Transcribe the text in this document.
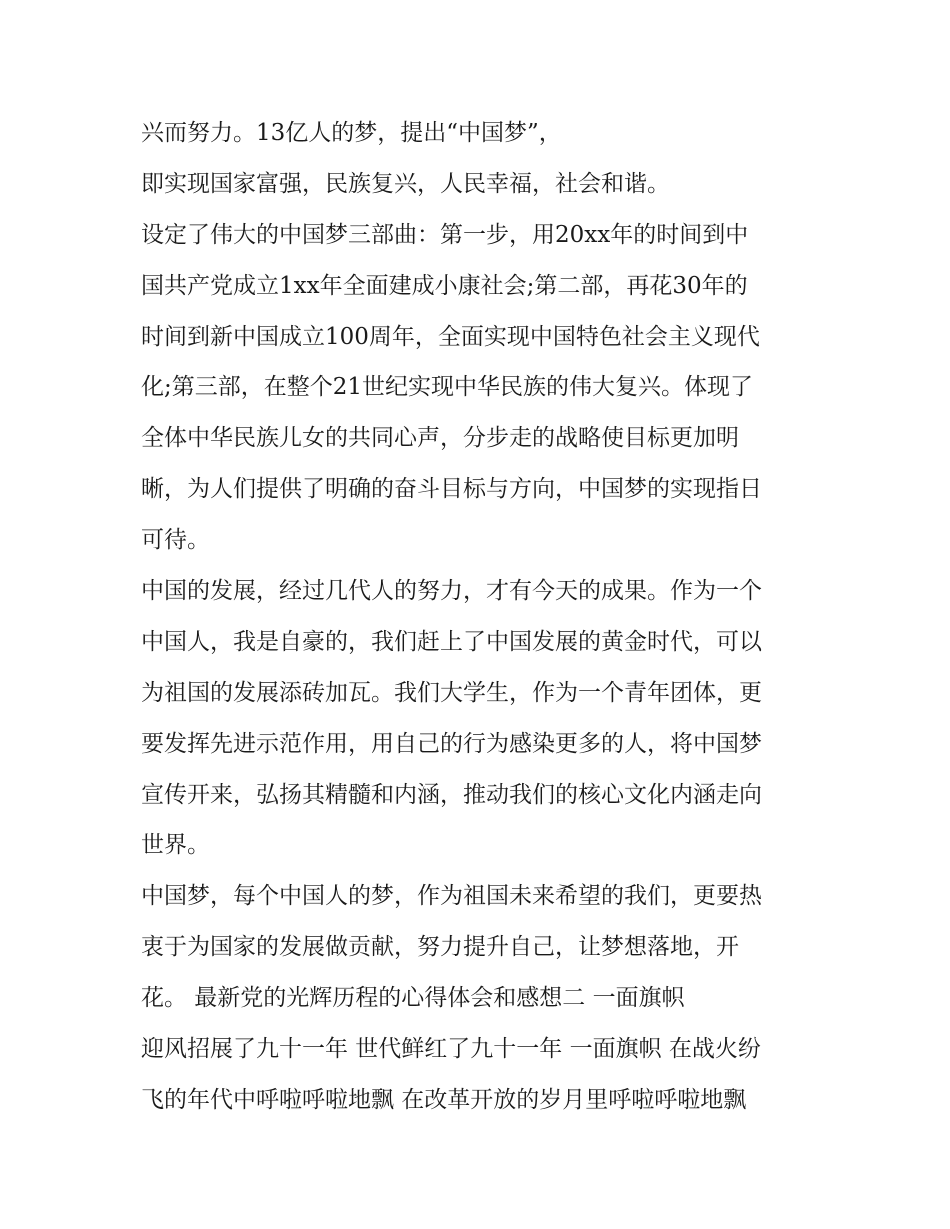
兴而努力。13亿人的梦，提出“中国梦”，
即实现国家富强，民族复兴，人民幸福，社会和谐。
设定了伟大的中国梦三部曲：第一步，用20xx年的时间到中
国共产党成立1xx年全面建成小康社会;第二部，再花30年的
时间到新中国成立100周年，全面实现中国特色社会主义现代
化;第三部，在整个21世纪实现中华民族的伟大复兴。体现了
全体中华民族儿女的共同心声，分步走的战略使目标更加明
晰，为人们提供了明确的奋斗目标与方向，中国梦的实现指日
可待。
中国的发展，经过几代人的努力，才有今天的成果。作为一个
中国人，我是自豪的，我们赶上了中国发展的黄金时代，可以
为祖国的发展添砖加瓦。我们大学生，作为一个青年团体，更
要发挥先进示范作用，用自己的行为感染更多的人，将中国梦
宣传开来，弘扬其精髓和内涵，推动我们的核心文化内涵走向
世界。
中国梦，每个中国人的梦，作为祖国未来希望的我们，更要热
衷于为国家的发展做贡献，努力提升自己，让梦想落地，开
花。 最新党的光辉历程的心得体会和感想二 一面旗帜
迎风招展了九十一年 世代鲜红了九十一年 一面旗帜 在战火纷
飞的年代中呼啦呼啦地飘 在改革开放的岁月里呼啦呼啦地飘
